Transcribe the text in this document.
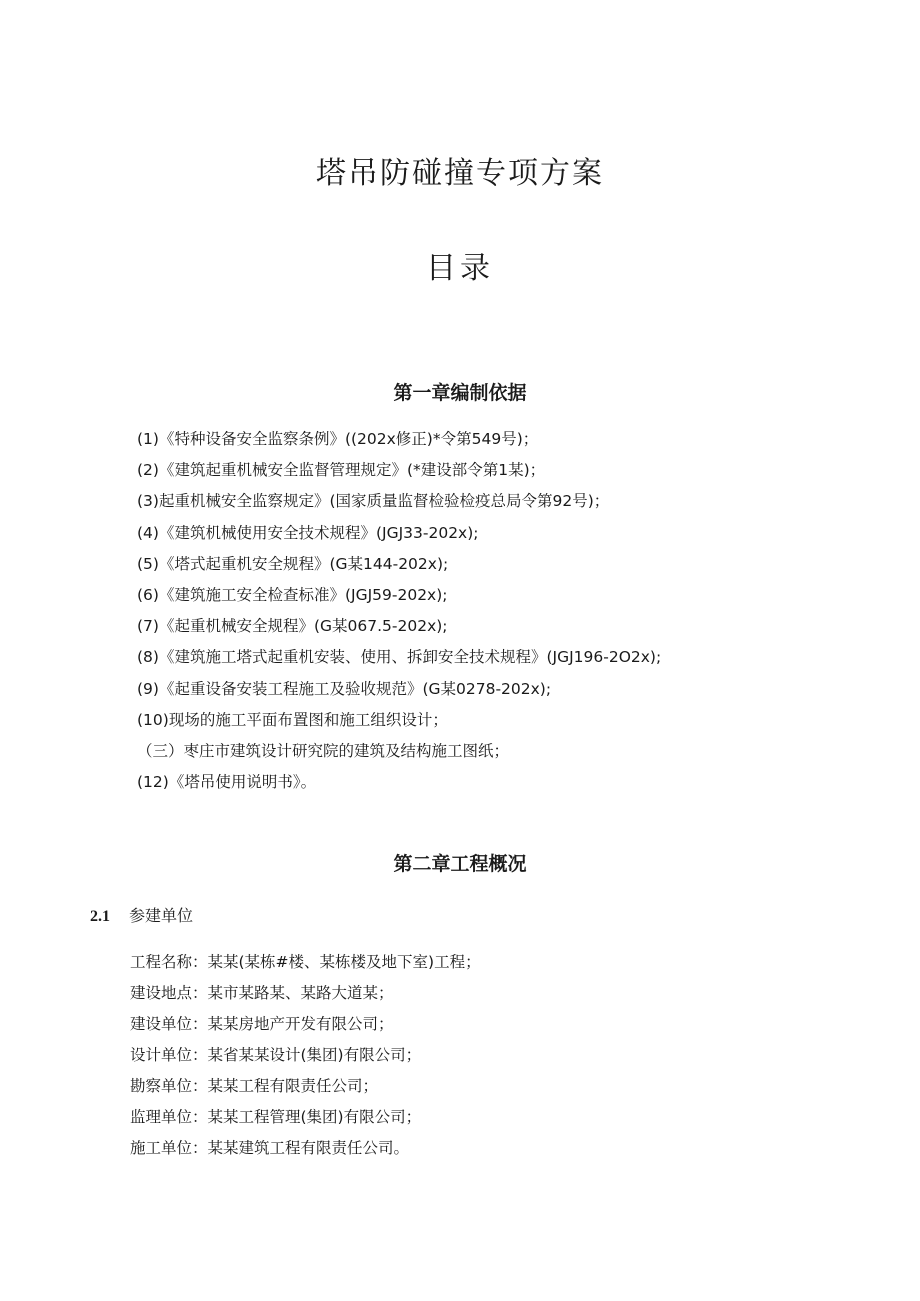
塔吊防碰撞专项方案
目录
第一章编制依据
(1)《特种设备安全监察条例》((202x修正)*令第549号)；
(2)《建筑起重机械安全监督管理规定》(*建设部令第1某)；
(3)起重机械安全监察规定》(国家质量监督检验检疫总局令第92号)；
(4)《建筑机械使用安全技术规程》(JGJ33-202x);
(5)《塔式起重机安全规程》(G某144-202x);
(6)《建筑施工安全检查标准》(JGJ59-202x);
(7)《起重机械安全规程》(G某067.5-202x);
(8)《建筑施工塔式起重机安装、使用、拆卸安全技术规程》(JGJ196-2O2x);
(9)《起重设备安装工程施工及验收规范》(G某0278-202x);
(10)现场的施工平面布置图和施工组织设计；
（三）枣庄市建筑设计研究院的建筑及结构施工图纸；
(12)《塔吊使用说明书》。
第二章工程概况
2.1 参建单位
工程名称：某某(某栋#楼、某栋楼及地下室)工程；
建设地点：某市某路某、某路大道某；
建设单位：某某房地产开发有限公司；
设计单位：某省某某设计(集团)有限公司；
勘察单位：某某工程有限责任公司；
监理单位：某某工程管理(集团)有限公司；
施工单位：某某建筑工程有限责任公司。
